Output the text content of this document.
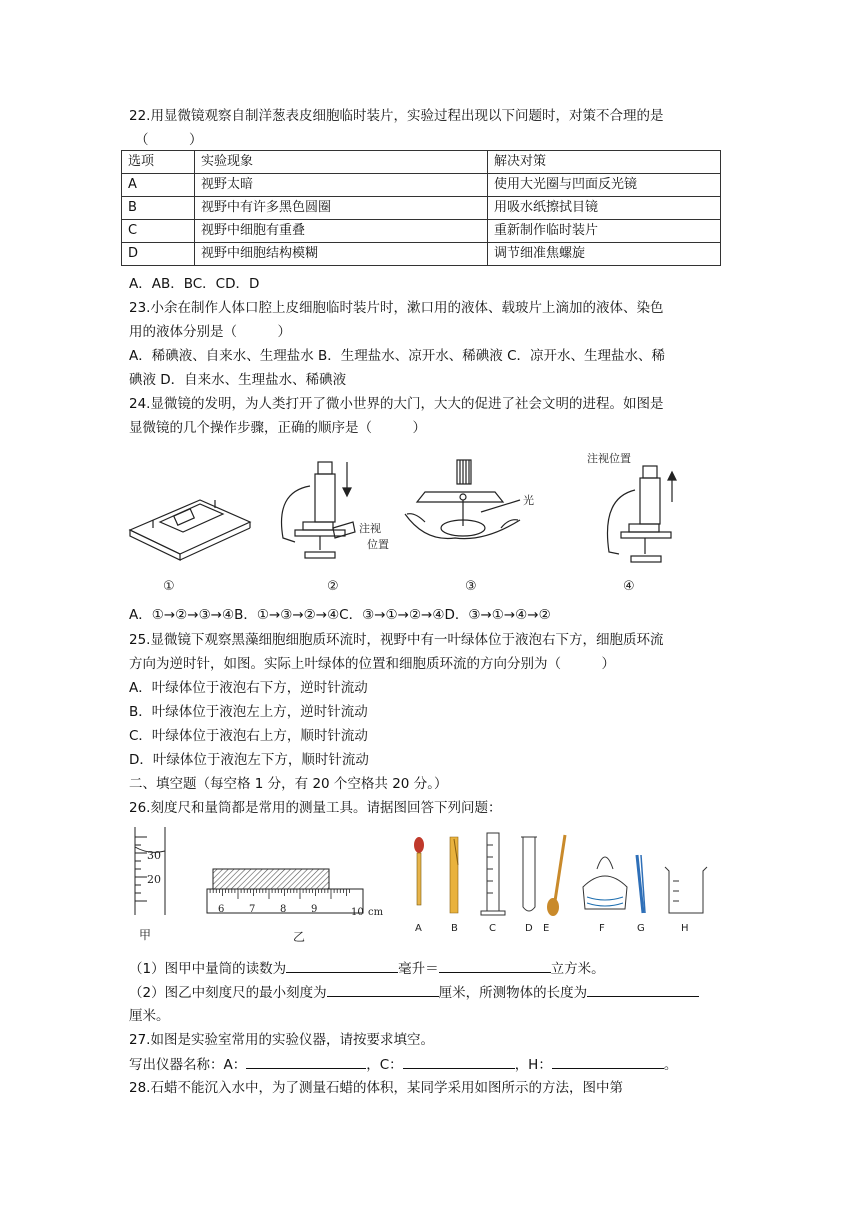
22.用显微镜观察自制洋葱表皮细胞临时装片，实验过程出现以下问题时，对策不合理的是
（　　　）
选项	实验现象	解决对策
A	视野太暗	使用大光圈与凹面反光镜
B	视野中有许多黑色圆圈	用吸水纸擦拭目镜
C	视野中细胞有重叠	重新制作临时装片
D	视野中细胞结构模糊	调节细准焦螺旋
A．AB．BC．CD．D
23.小余在制作人体口腔上皮细胞临时装片时，漱口用的液体、载玻片上滴加的液体、染色
用的液体分别是（　　　）
A．稀碘液、自来水、生理盐水 B．生理盐水、凉开水、稀碘液 C．凉开水、生理盐水、稀
碘液 D．自来水、生理盐水、稀碘液
24.显微镜的发明，为人类打开了微小世界的大门，大大的促进了社会文明的进程。如图是
显微镜的几个操作步骤，正确的顺序是（　　　）
注视
位置
光
注视位置
①	②	③	④
A．①→②→③→④B．①→③→②→④C．③→①→②→④D．③→①→④→②
25.显微镜下观察黑藻细胞细胞质环流时，视野中有一叶绿体位于液泡右下方，细胞质环流
方向为逆时针，如图。实际上叶绿体的位置和细胞质环流的方向分别为（　　　）
A．叶绿体位于液泡右下方，逆时针流动
B．叶绿体位于液泡左上方，逆时针流动
C．叶绿体位于液泡右上方，顺时针流动
D．叶绿体位于液泡左下方，顺时针流动
二、填空题（每空格 1 分，有 20 个空格共 20 分。）
26.刻度尺和量筒都是常用的测量工具。请据图回答下列问题：
30
20
甲
6 7 8 9	10 cm
乙
A	B	C	D E	F	G	H
（1）图甲中量筒的读数为	毫升＝	立方米。
（2）图乙中刻度尺的最小刻度为	厘米，所测物体的长度为
厘米。
27.如图是实验室常用的实验仪器，请按要求填空。
写出仪器名称：A：	，C：	，H：	。
28.石蜡不能沉入水中，为了测量石蜡的体积，某同学采用如图所示的方法，图中第
